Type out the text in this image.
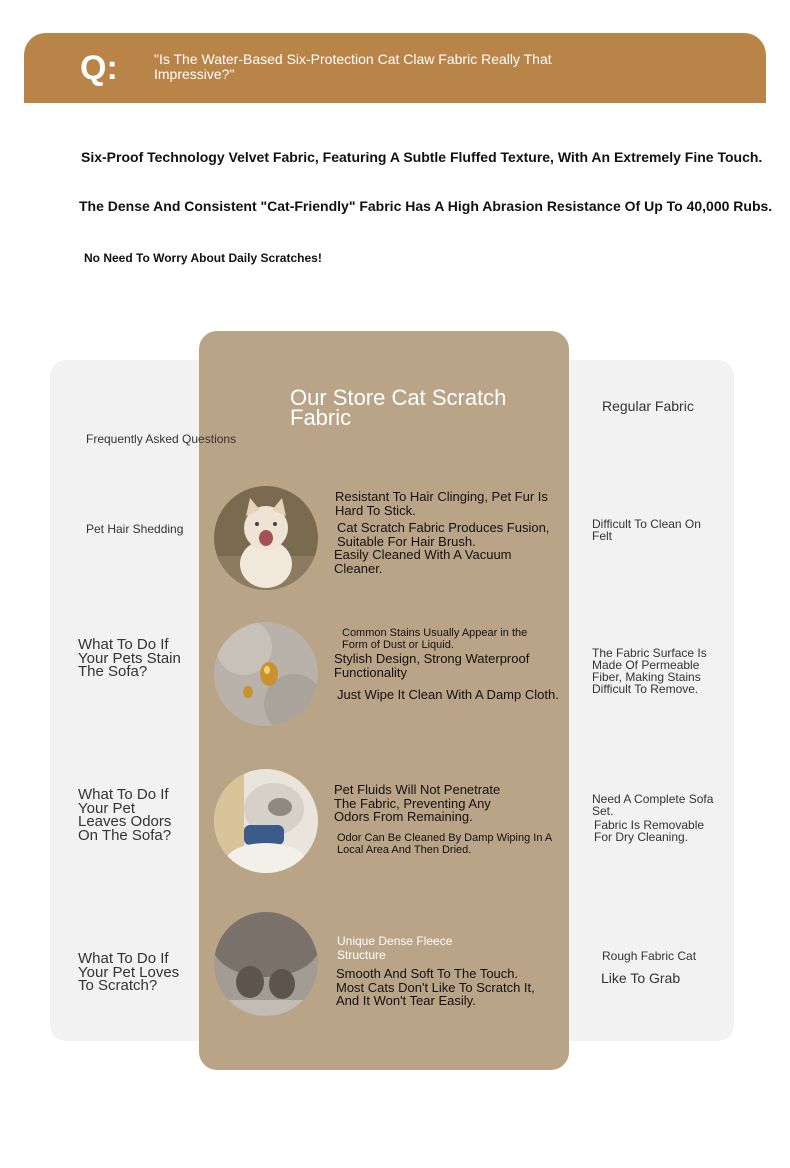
Q:	"Is The Water-Based Six-Protection Cat Claw Fabric Really That Impressive?"
Six-Proof Technology Velvet Fabric, Featuring A Subtle Fluffed Texture, With An Extremely Fine Touch.
The Dense And Consistent "Cat-Friendly" Fabric Has A High Abrasion Resistance Of Up To 40,000 Rubs.
No Need To Worry About Daily Scratches!
Our Store Cat Scratch Fabric
Frequently Asked Questions
Regular Fabric
Pet Hair Shedding
Resistant To Hair Clinging, Pet Fur Is Hard To Stick.
Cat Scratch Fabric Produces Fusion, Suitable For Hair Brush.
Easily Cleaned With A Vacuum Cleaner.
Difficult To Clean On Felt
What To Do If Your Pets Stain The Sofa?
Common Stains Usually Appear in the Form of Dust or Liquid.
Stylish Design, Strong Waterproof Functionality
Just Wipe It Clean With A Damp Cloth.
The Fabric Surface Is Made Of Permeable Fiber, Making Stains Difficult To Remove.
What To Do If Your Pet Leaves Odors On The Sofa?
Pet Fluids Will Not Penetrate The Fabric, Preventing Any Odors From Remaining.
Odor Can Be Cleaned By Damp Wiping In A Local Area And Then Dried.
Need A Complete Sofa Set.
Fabric Is Removable For Dry Cleaning.
What To Do If Your Pet Loves To Scratch?
Unique Dense Fleece Structure
Smooth And Soft To The Touch. Most Cats Don't Like To Scratch It, And It Won't Tear Easily.
Rough Fabric Cat
Like To Grab
